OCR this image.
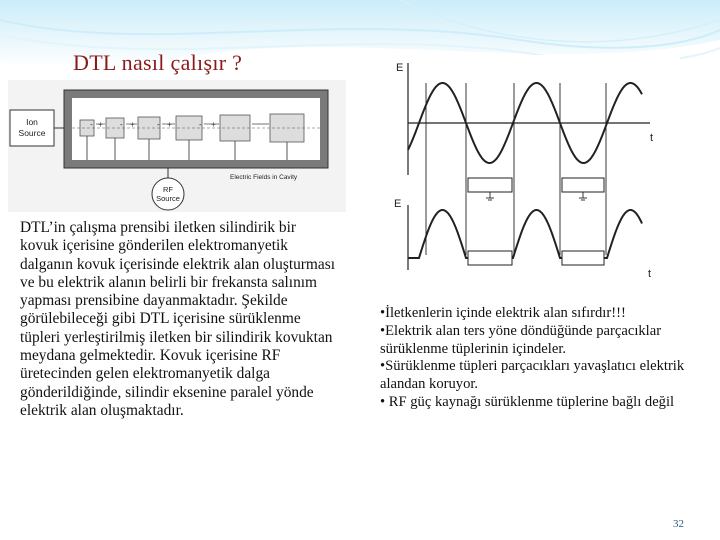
DTL nasıl çalışır ?
Ion
Source
- + - +	- +	- +
RF
Source
Electric Fields in Cavity
E
t
E
t
DTL’in çalışma prensibi iletken silindirik bir kovuk içerisine gönderilen elektromanyetik dalganın kovuk içerisinde elektrik alan oluşturması ve bu elektrik alanın belirli bir frekansta salınım yapması prensibine dayanmaktadır. Şekilde görülebileceği gibi DTL içerisine sürüklenme tüpleri yerleştirilmiş iletken bir silindirik kovuktan meydana gelmektedir. Kovuk içerisine RF üretecinden gelen elektromanyetik dalga gönderildiğinde, silindir eksenine paralel yönde elektrik alan oluşmaktadır.

•İletkenlerin içinde elektrik alan sıfırdır!!!

•Elektrik alan ters yöne döndüğünde parçacıklar sürüklenme tüplerinin içindeler.

•Sürüklenme tüpleri parçacıkları yavaşlatıcı elektrik alandan koruyor.

• RF güç kaynağı sürüklenme tüplerine bağlı değil

32
